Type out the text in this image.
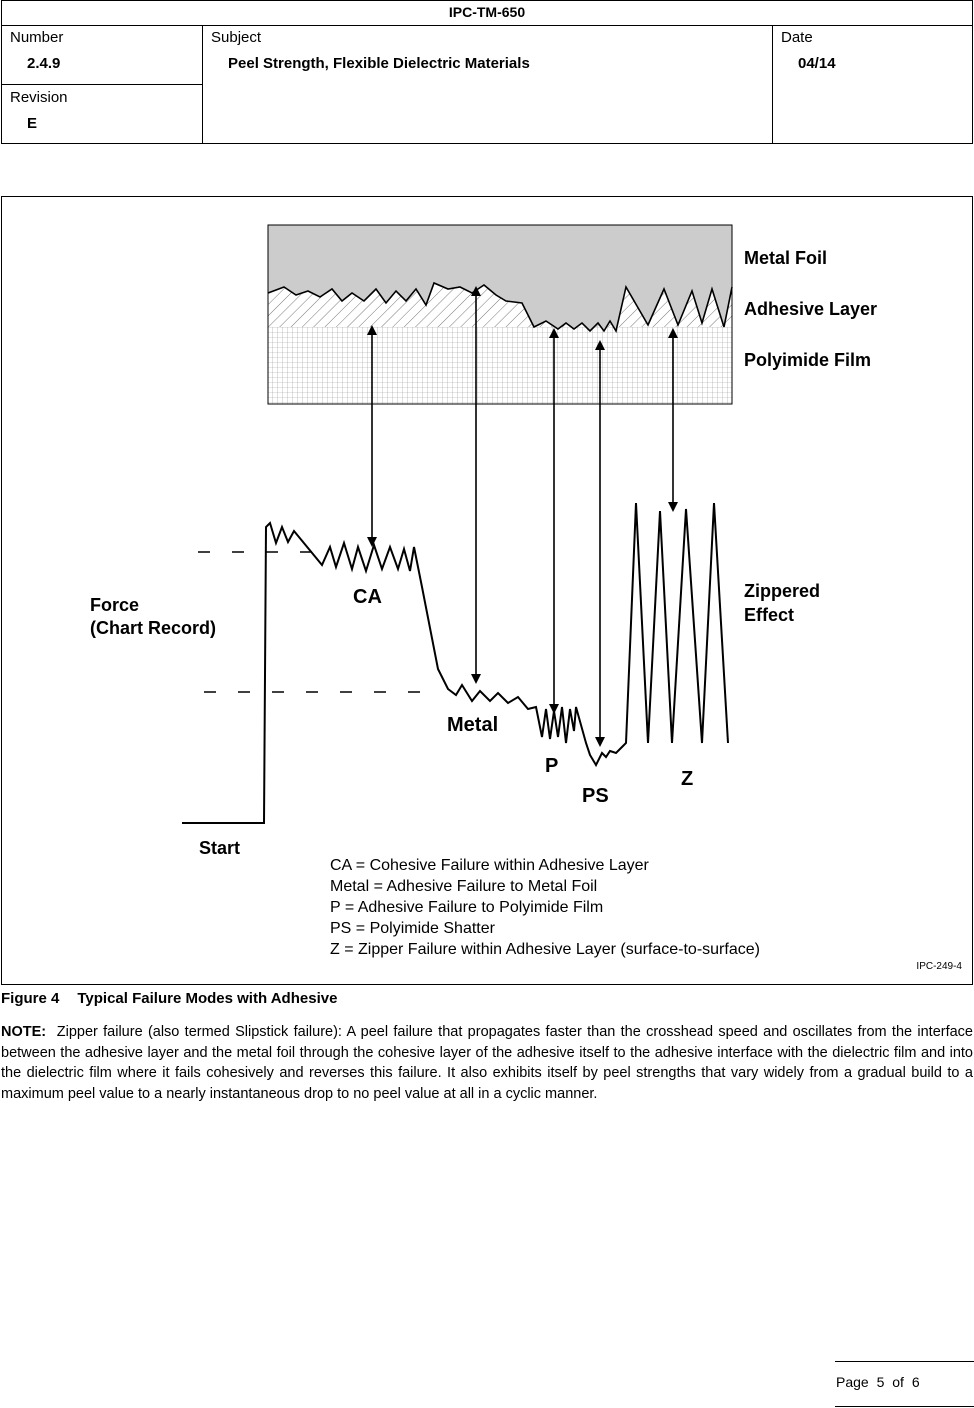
IPC-TM-650
Number
2.4.9
Revision
E
Subject
Peel Strength, Flexible Dielectric Materials
Date
04/14
Metal Foil
Adhesive Layer
Polyimide Film
CA
Metal
P
PS
Z
Force
(Chart Record)
Zippered
Effect
Start
CA = Cohesive Failure within Adhesive Layer
Metal = Adhesive Failure to Metal Foil
P = Adhesive Failure to Polyimide Film
PS = Polyimide Shatter
Z = Zipper Failure within Adhesive Layer (surface-to-surface)
IPC-249-4
Figure 4 Typical Failure Modes with Adhesive
NOTE: Zipper failure (also termed Slipstick failure): A peel failure that propagates faster than the crosshead speed and oscillates from the interface between the adhesive layer and the metal foil through the cohesive layer of the adhesive itself to the adhesive interface with the dielectric film and into the dielectric film where it fails cohesively and reverses this failure. It also exhibits itself by peel strengths that vary widely from a gradual build to a maximum peel value to a nearly instantaneous drop to no peel value at all in a cyclic manner.
Page 5 of 6
